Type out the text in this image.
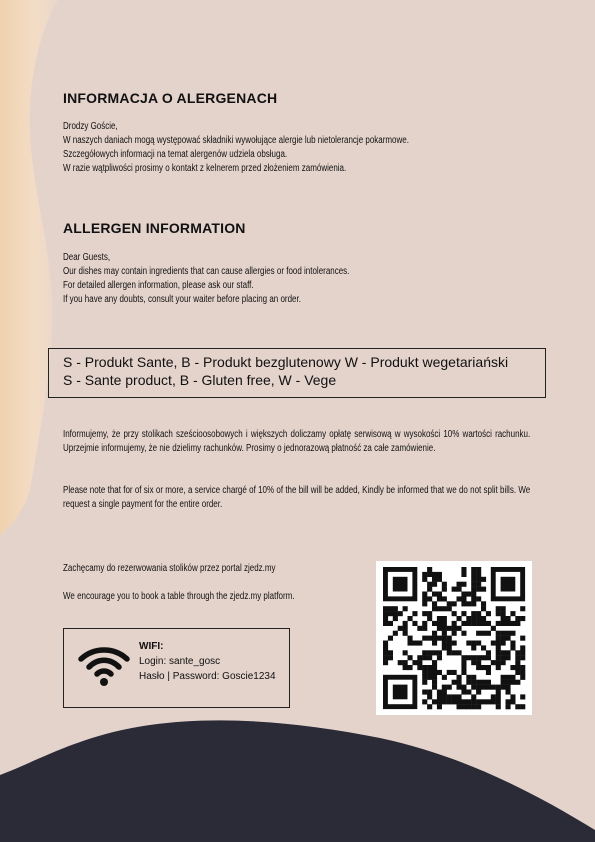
INFORMACJA O ALERGENACH
Drodzy Goście,
W naszych daniach mogą występować składniki wywołujące alergie lub nietolerancje pokarmowe.
Szczegółowych informacji na temat alergenów udziela obsługa.
W razie wątpliwości prosimy o kontakt z kelnerem przed złożeniem zamówienia.
ALLERGEN INFORMATION
Dear Guests,
Our dishes may contain ingredients that can cause allergies or food intolerances.
For detailed allergen information, please ask our staff.
If you have any doubts, consult your waiter before placing an order.
S - Produkt Sante, B - Produkt bezglutenowy W - Produkt wegetariański
S - Sante product, B - Gluten free, W - Vege
Informujemy, że przy stolikach sześcioosobowych i większych doliczamy opłatę serwisową w wysokości 10% wartości rachunku. Uprzejmie informujemy, że nie dzielimy rachunków. Prosimy o jednorazową płatność za całe zamówienie.
Please note that for of six or more, a service chargé of 10% of the bill will be added, Kindly be informed that we do not split bills. We request a single payment for the entire order.
Zachęcamy do rezerwowania stolików przez portal zjedz.my
We encourage you to book a table through the zjedz.my platform.
WIFI:
Login: sante_gosc
Hasło | Password: Goscie1234
